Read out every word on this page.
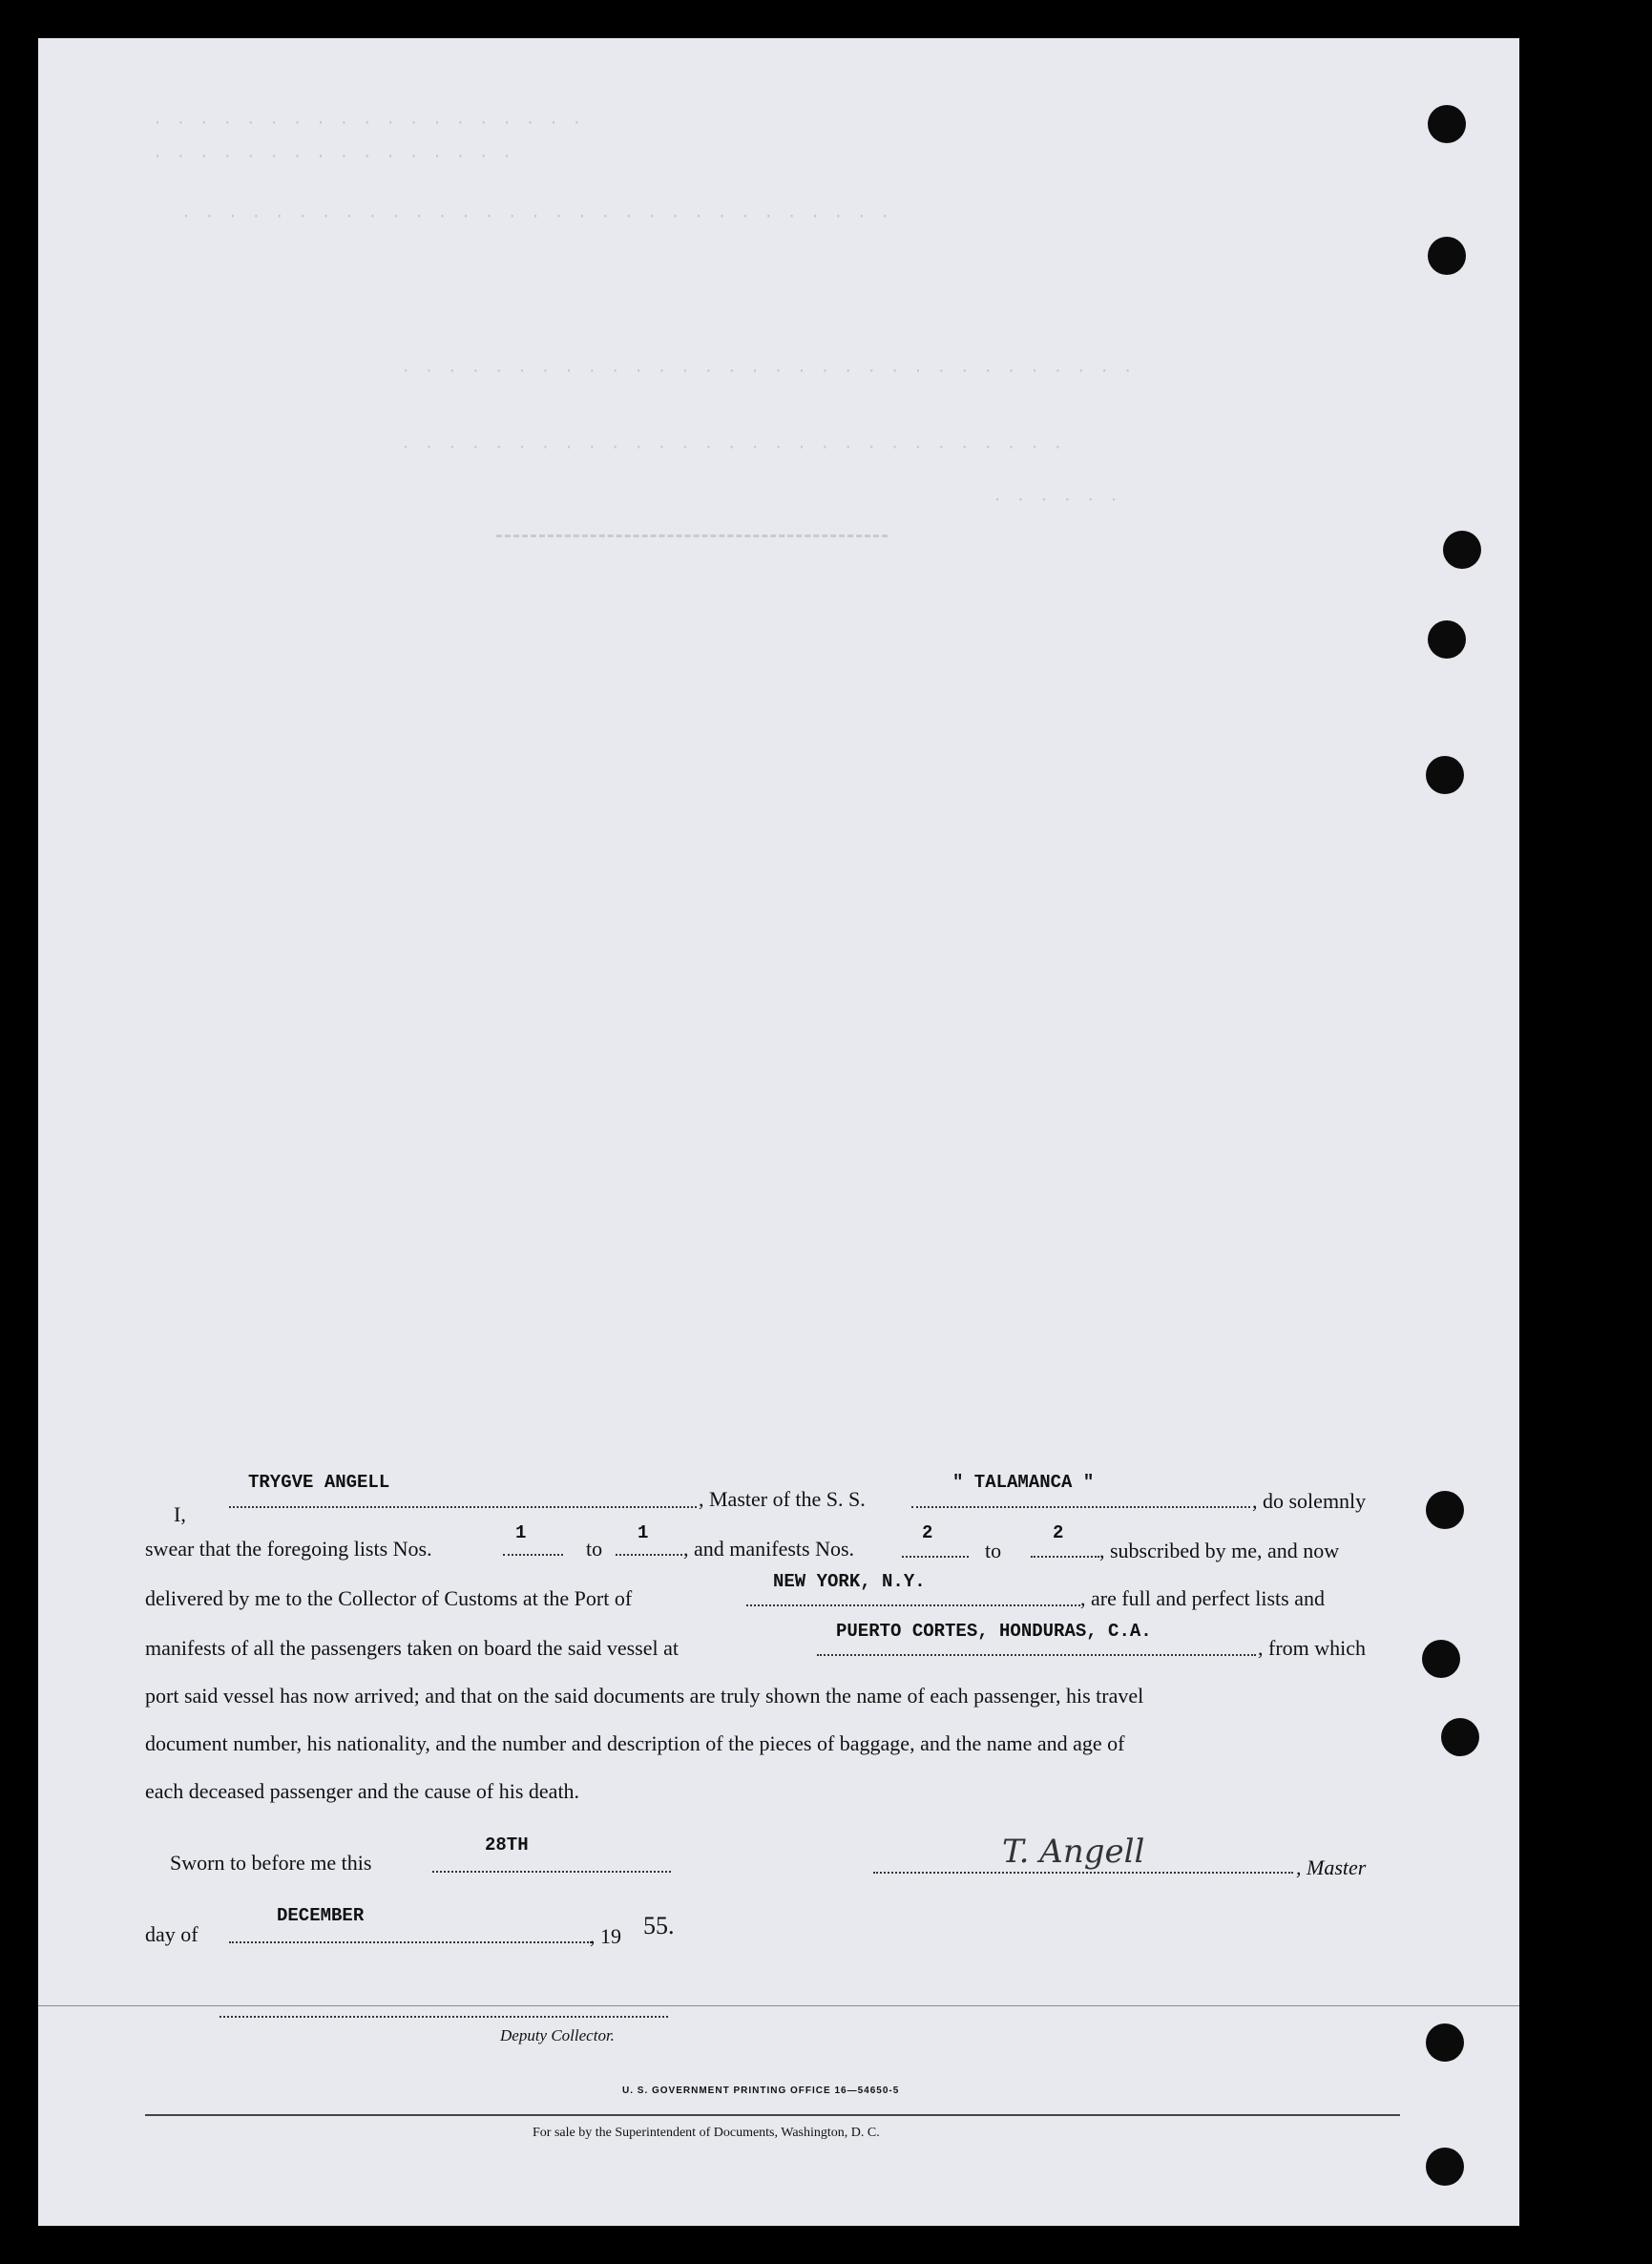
· · · · · · · · · · · · · · · · · · ·
· · · · · · · · · · · · · · · ·
· · · · · · · · · · · · · · · · · · · · · · · · · · · · · · ·
· · · · · · · · · · · · · · · · · · · · · · · · · · · · · · · ·
· · · · · · · · · · · · · · · · · · · · · · · · · · · · ·
· · · · · ·
I,
TRYGVE ANGELL
, Master of the S. S.
" TALAMANCA "
, do solemnly
swear that the foregoing lists Nos.
1
to
1
, and manifests Nos.
2
to
2
, subscribed by me, and now
delivered by me to the Collector of Customs at the Port of
NEW YORK, N.Y.
, are full and perfect lists and
manifests of all the passengers taken on board the said vessel at
PUERTO CORTES, HONDURAS, C.A.
, from which
port said vessel has now arrived; and that on the said documents are truly shown the name of each passenger, his travel
document number, his nationality, and the number and description of the pieces of baggage, and the name and age of
each deceased passenger and the cause of his death.
Sworn to before me this
28TH	T. Angell	, Master
day of
DECEMBER
, 19 55.
Deputy Collector.
U. S. GOVERNMENT PRINTING OFFICE 16—54650-5
For sale by the Superintendent of Documents, Washington, D. C.
